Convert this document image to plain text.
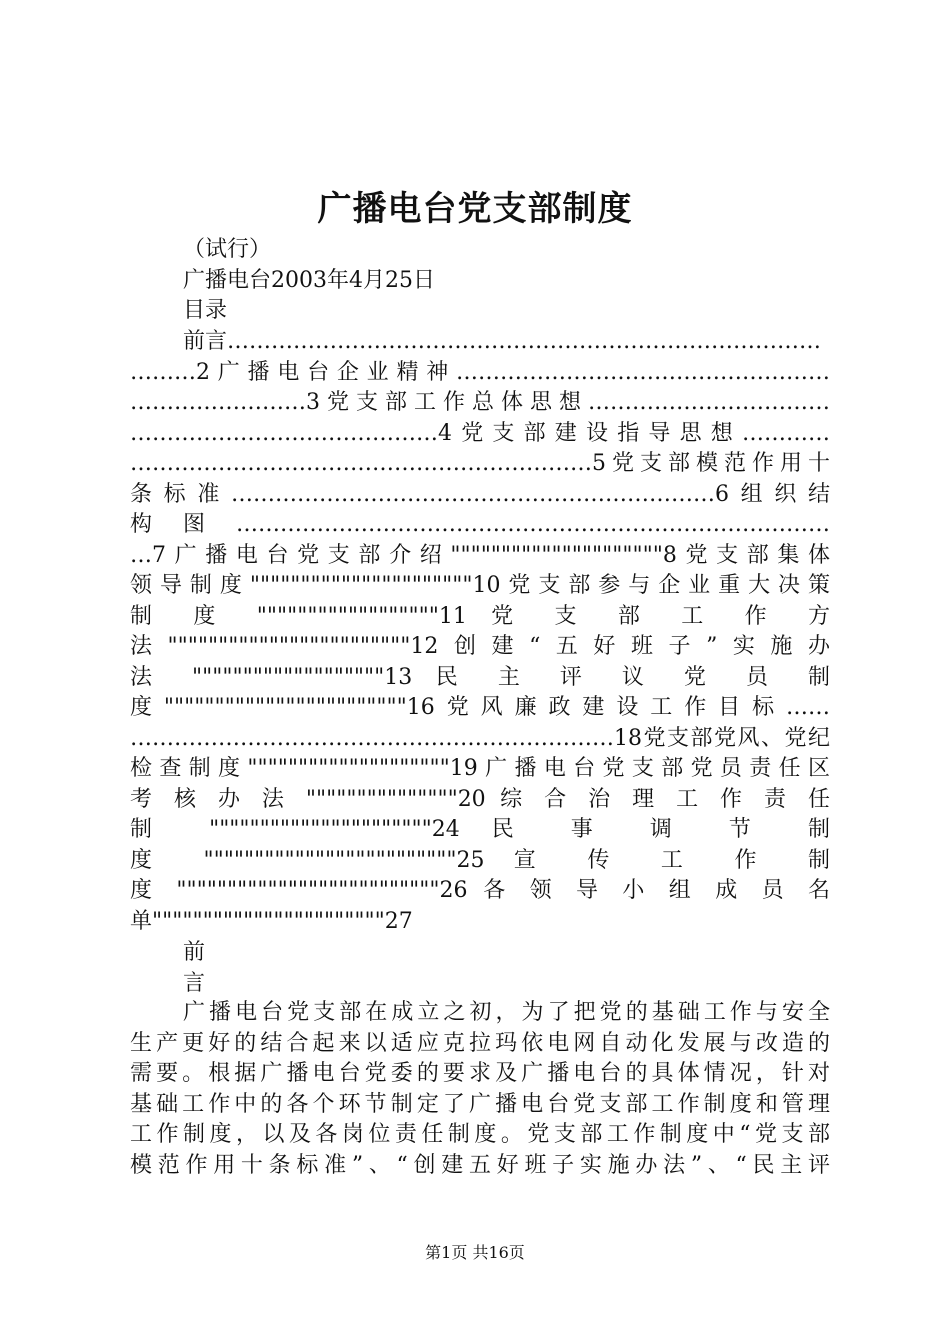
广播电台党支部制度
（试行）
广播电台2003年4月25日
目录
前言………………………………………………………………………
………2广播电台企业精神……………………………………………
……………………3党支部工作总体思想……………………………
……………………………………4党支部建设指导思想…………
………………………………………………………5党支部模范作用十
条标准…………………………………………………………6组织结
构图………………………………………………………………………
…7广播电台党支部介绍"""""""""""""""""""""8党支部集体
领导制度""""""""""""""""""""""10党支部参与企业重大决策
制 度 """"""""""""""""""11 党 支 部 工 作 方
法""""""""""""""""""""""""12创建“五好班子”实施办
法 """""""""""""""""""13 民 主 评 议 党 员 制
度""""""""""""""""""""""""16党风廉政建设工作目标……
…………………………………………………………18党支部党风、党纪
检查制度""""""""""""""""""""19广播电台党支部党员责任区
考 核 办 法 """""""""""""""20 综 合 治 理 工 作 责 任
制 """"""""""""""""""""""24 民 事 调 节 制
度 """""""""""""""""""""""""25 宣 传 工 作 制
度 """"""""""""""""""""""""""26 各 领 导 小 组 成 员 名
单"""""""""""""""""""""""27
前
言
广播电台党支部在成立之初，为了把党的基础工作与安全
生产更好的结合起来以适应克拉玛依电网自动化发展与改造的
需要。根据广播电台党委的要求及广播电台的具体情况，针对
基础工作中的各个环节制定了广播电台党支部工作制度和管理
工作制度，以及各岗位责任制度。党支部工作制度中“党支部
模范作用十条标准”、“创建五好班子实施办法”、“民主评
第1页 共16页
